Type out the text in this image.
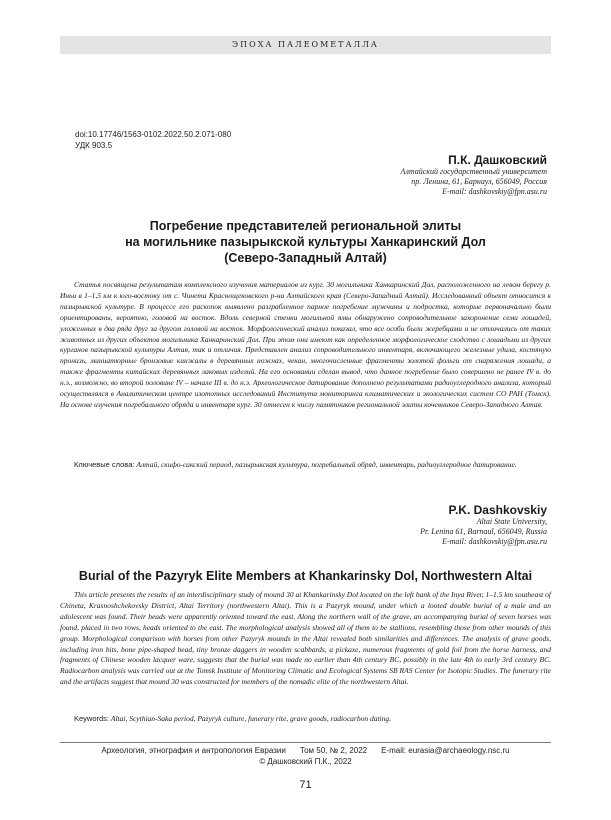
ЭПОХА ПАЛЕОМЕТАЛЛА
doi:10.17746/1563-0102.2022.50.2.071-080
УДК 903.5
П.К. Дашковский
Алтайский государственный университет
пр. Ленина, 61, Барнаул, 656049, Россия
E-mail: dashkovskiy@fpn.asu.ru
Погребение представителей региональной элиты
на могильнике пазырыкской культуры Ханкаринский Дол
(Северо-Западный Алтай)

Статья посвящена результатам комплексного изучения материалов из кург. 30 могильника Ханкаринский Дол, расположенного на левом берегу р. Иньи в 1–1,5 км к юго-востоку от с. Чинета Краснощековского р-на Алтайского края (Северо-Западный Алтай). Исследованный объект относится к пазырыкской культуре. В процессе его раскопок выявлено разграбленное парное погребение мужчины и подростка, которые первоначально были ориентированы, вероятно, головой на восток. Вдоль северной стенки могильной ямы обнаружено сопроводительное захоронение семи лошадей, уложенных в два ряда друг за другом головой на восток. Морфологический анализ показал, что все особи были жеребцами и не отличались от таких животных из других объектов могильника Ханкаринский Дол. При этом они имеют как определенное морфологическое сходство с лошадьми из других курганов пазырыкской культуры Алтая, так и отличия. Представлен анализ сопроводительного инвентаря, включающего железные удила, костяную пронизь, миниатюрные бронзовые кинжалы в деревянных ножнах, чекан, многочисленные фрагменты золотой фольги от снаряжения лошади, а также фрагменты китайских деревянных лаковых изделий. На его основании сделан вывод, что данное погребение было совершено не ранее IV в. до н.э., возможно, во второй половине IV – начале III в. до н.э. Археологическое датирование дополнено результатами радиоуглеродного анализа, который осуществлялся в Аналитическом центре изотопных исследований Института мониторинга климатических и экологических систем СО РАН (Томск). На основе изучения погребального обряда и инвентаря кург. 30 отнесен к числу памятников региональной элиты кочевников Северо-Западного Алтая.

Ключевые слова: Алтай, скифо-сакский период, пазырыкская культура, погребальный обряд, инвентарь, радиоуглеродное датирование.

P.K. Dashkovskiy
Altai State University,
Pr. Lenina 61, Barnaul, 656049, Russia
E-mail: dashkovskiy@fpn.asu.ru
Burial of the Pazyryk Elite Members at Khankarinsky Dol, Northwestern Altai

This article presents the results of an interdisciplinary study of mound 30 at Khankarinsky Dol located on the left bank of the Inya River, 1–1.5 km southeast of Chineta, Krasnoshchekovsky District, Altai Territory (northwestern Altai). This is a Pazyryk mound, under which a looted double burial of a male and an adolescent was found. Their heads were apparently oriented toward the east. Along the northern wall of the grave, an accompanying burial of seven horses was found, placed in two rows, heads oriented to the east. The morphological analysis showed all of them to be stallions, resembling those from other mounds of this group. Morphological comparison with horses from other Pazyryk mounds in the Altai revealed both similarities and differences. The analysis of grave goods, including iron bits, bone pipe-shaped bead, tiny bronze daggers in wooden scabbards, a pickaxe, numerous fragments of gold foil from the horse harness, and fragments of Chinese wooden lacquer ware, suggests that the burial was made no earlier than 4th century BC, possibly in the late 4th to early 3rd century BC. Radiocarbon analysis was carried out at the Tomsk Institute of Monitoring Climatic and Ecological Systems SB RAS Center for Isotopic Studies. The funerary rite and the artifacts suggest that mound 30 was constructed for members of the nomadic elite of the northwestern Altai.

Keywords: Altai, Scythian-Saka period, Pazyryk culture, funerary rite, grave goods, radiocarbon dating.

Археология, этнография и антропология Евразии Том 50, № 2, 2022 E-mail: eurasia@archaeology.nsc.ru
© Дашковский П.К., 2022
71
